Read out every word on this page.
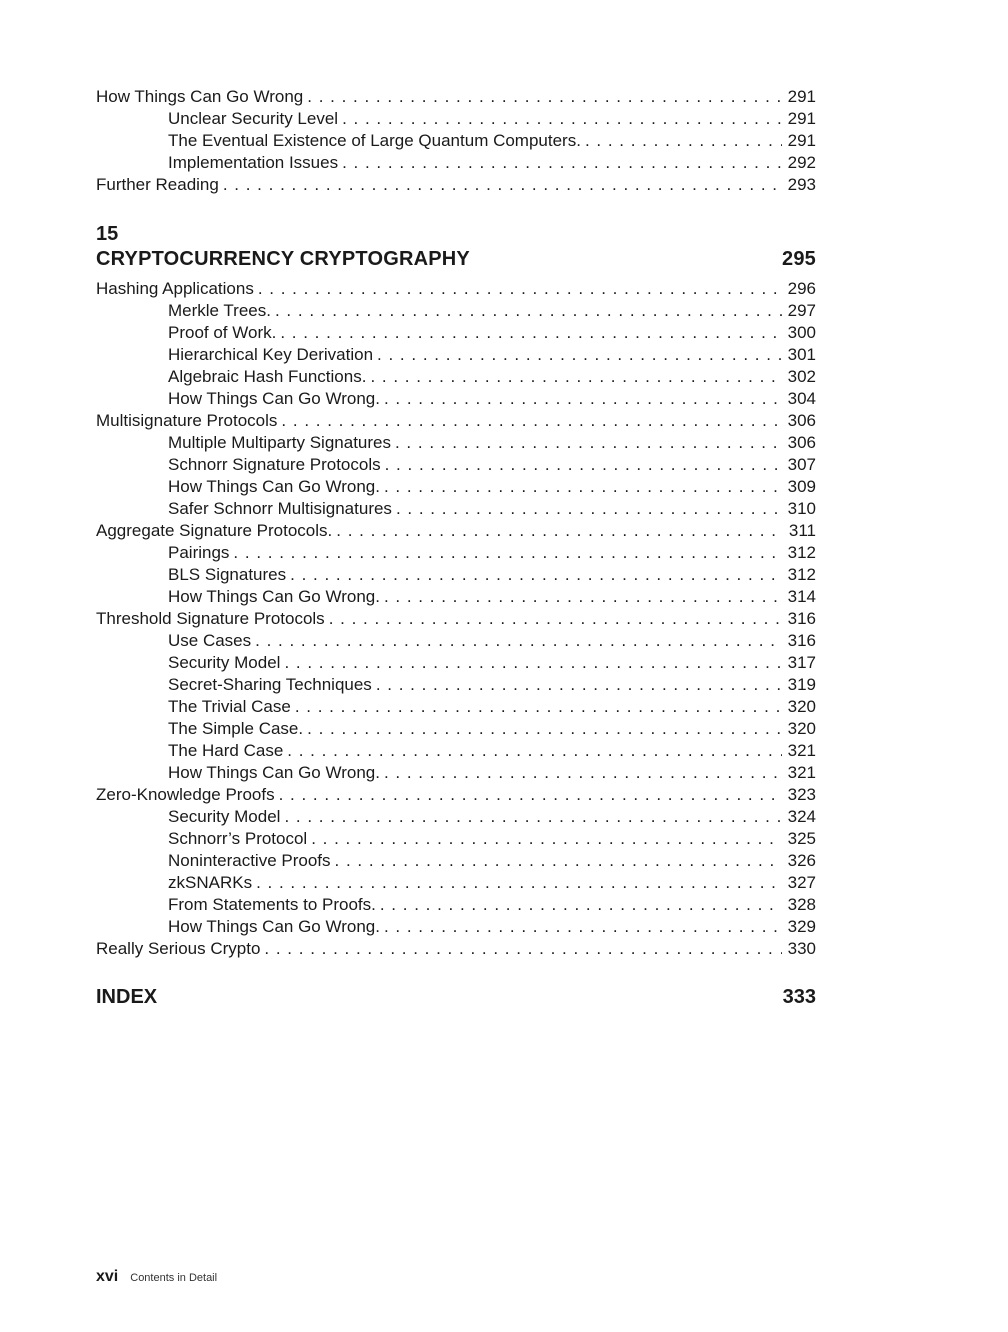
How Things Can Go Wrong . . .	291
Unclear Security Level . . .	291
The Eventual Existence of Large Quantum Computers. . . .	291
Implementation Issues . . .	292
Further Reading . . .	293
15
CRYPTOCURRENCY CRYPTOGRAPHY	295
Hashing Applications . . .	296
Merkle Trees. . . .	297
Proof of Work. . . .	300
Hierarchical Key Derivation . . .	301
Algebraic Hash Functions. . . .	302
How Things Can Go Wrong. . . .	304
Multisignature Protocols . . .	306
Multiple Multiparty Signatures . . .	306
Schnorr Signature Protocols . . .	307
How Things Can Go Wrong. . . .	309
Safer Schnorr Multisignatures . . .	310
Aggregate Signature Protocols. . . .	311
Pairings . . .	312
BLS Signatures . . .	312
How Things Can Go Wrong. . . .	314
Threshold Signature Protocols . . .	316
Use Cases . . .	316
Security Model . . .	317
Secret-Sharing Techniques . . .	319
The Trivial Case . . .	320
The Simple Case. . . .	320
The Hard Case . . .	321
How Things Can Go Wrong. . . .	321
Zero-Knowledge Proofs . . .	323
Security Model . . .	324
Schnorr’s Protocol . . .	325
Noninteractive Proofs . . .	326
zkSNARKs . . .	327
From Statements to Proofs. . . .	328
How Things Can Go Wrong. . . .	329
Really Serious Crypto . . .	330
INDEX	333
xvi Contents in Detail
